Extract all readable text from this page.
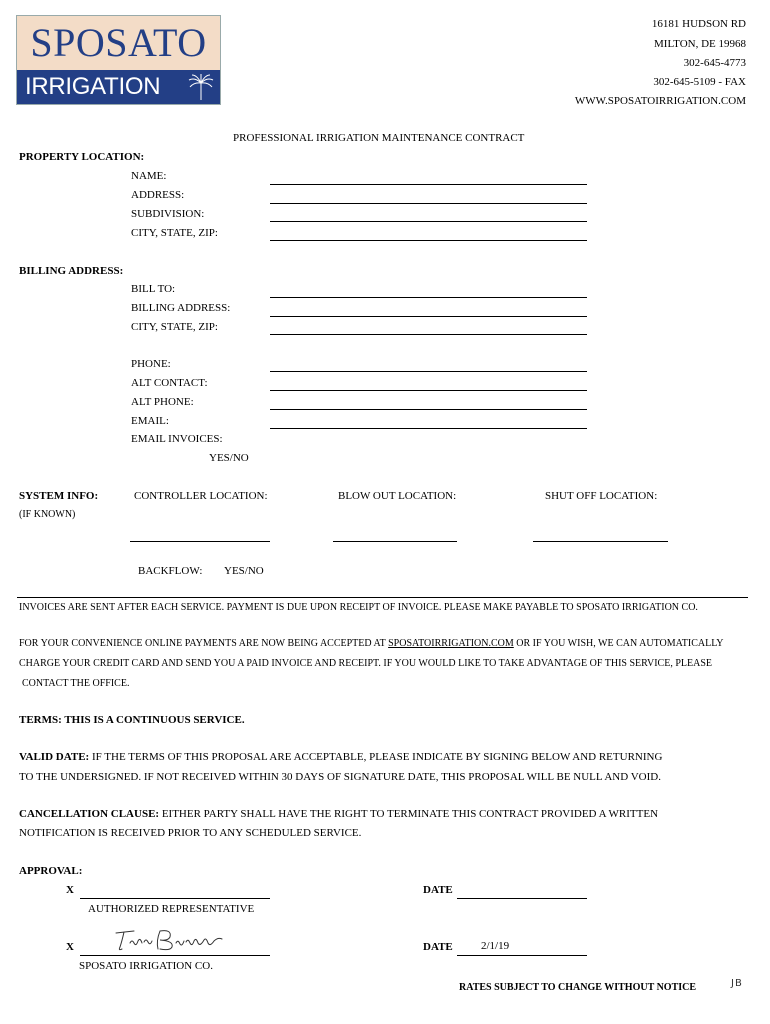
SPOSATO
IRRIGATION
16181 HUDSON RD
MILTON, DE 19968
302-645-4773
302-645-5109 - FAX
WWW.SPOSATOIRRIGATION.COM
PROFESSIONAL IRRIGATION MAINTENANCE CONTRACT
PROPERTY LOCATION:
NAME:
ADDRESS:
SUBDIVISION:
CITY, STATE, ZIP:
BILLING ADDRESS:
BILL TO:
BILLING ADDRESS:
CITY, STATE, ZIP:
PHONE:
ALT CONTACT:
ALT PHONE:
EMAIL:
EMAIL INVOICES:
YES/NO
SYSTEM INFO:	CONTROLLER LOCATION:	BLOW OUT LOCATION:	SHUT OFF LOCATION:
(IF KNOWN)
BACKFLOW: YES/NO
INVOICES ARE SENT AFTER EACH SERVICE. PAYMENT IS DUE UPON RECEIPT OF INVOICE. PLEASE MAKE PAYABLE TO SPOSATO IRRIGATION CO.
FOR YOUR CONVENIENCE ONLINE PAYMENTS ARE NOW BEING ACCEPTED AT SPOSATOIRRIGATION.COM OR IF YOU WISH, WE CAN AUTOMATICALLY
CHARGE YOUR CREDIT CARD AND SEND YOU A PAID INVOICE AND RECEIPT. IF YOU WOULD LIKE TO TAKE ADVANTAGE OF THIS SERVICE, PLEASE
CONTACT THE OFFICE.
TERMS: THIS IS A CONTINUOUS SERVICE.
VALID DATE: IF THE TERMS OF THIS PROPOSAL ARE ACCEPTABLE, PLEASE INDICATE BY SIGNING BELOW AND RETURNING
TO THE UNDERSIGNED. IF NOT RECEIVED WITHIN 30 DAYS OF SIGNATURE DATE, THIS PROPOSAL WILL BE NULL AND VOID.
CANCELLATION CLAUSE: EITHER PARTY SHALL HAVE THE RIGHT TO TERMINATE THIS CONTRACT PROVIDED A WRITTEN
NOTIFICATION IS RECEIVED PRIOR TO ANY SCHEDULED SERVICE.
APPROVAL:
X	DATE
AUTHORIZED REPRESENTATIVE
X	DATE	2/1/19
SPOSATO IRRIGATION CO.
RATES SUBJECT TO CHANGE WITHOUT NOTICE	JB
